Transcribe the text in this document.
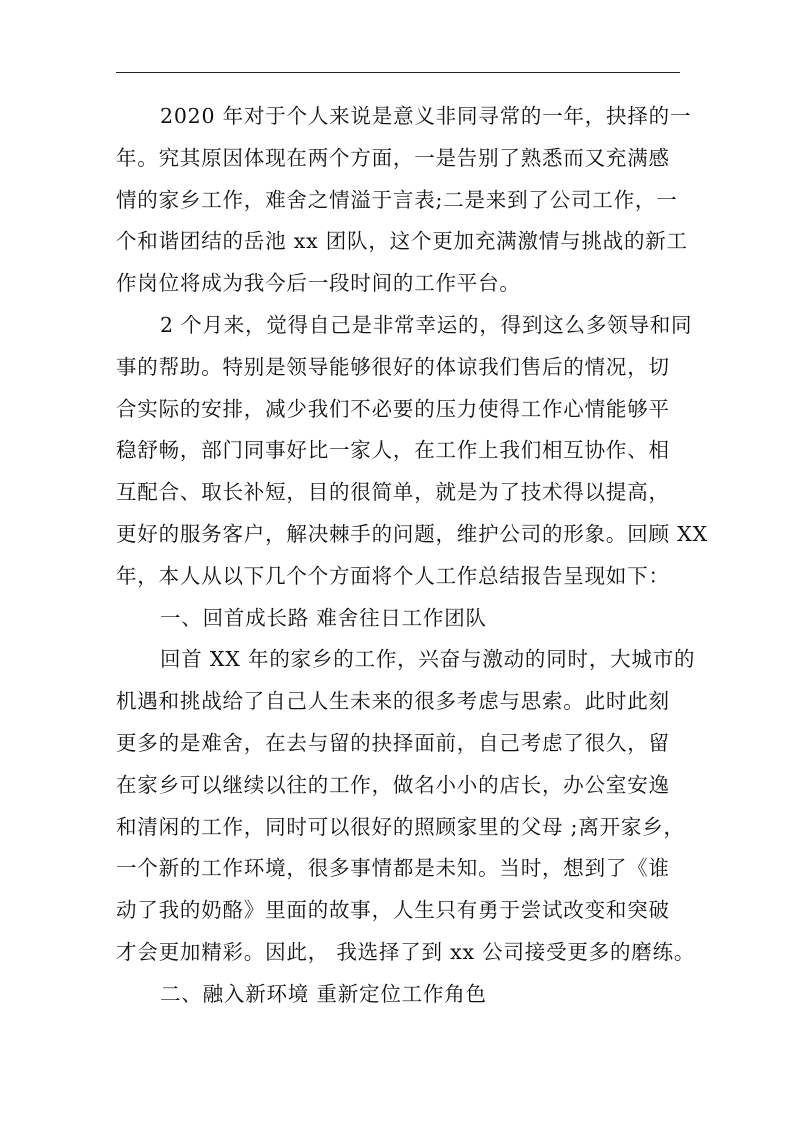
2020 年对于个人来说是意义非同寻常的一年，抉择的一
年。究其原因体现在两个方面，一是告别了熟悉而又充满感
情的家乡工作，难舍之情溢于言表;二是来到了公司工作，一
个和谐团结的岳池 xx 团队，这个更加充满激情与挑战的新工
作岗位将成为我今后一段时间的工作平台。
2 个月来，觉得自己是非常幸运的，得到这么多领导和同
事的帮助。特别是领导能够很好的体谅我们售后的情况，切
合实际的安排，减少我们不必要的压力使得工作心情能够平
稳舒畅，部门同事好比一家人，在工作上我们相互协作、相
互配合、取长补短，目的很简单，就是为了技术得以提高，
更好的服务客户，解决棘手的问题，维护公司的形象。回顾 XX
年，本人从以下几个个方面将个人工作总结报告呈现如下：
一、回首成长路 难舍往日工作团队
回首 XX 年的家乡的工作，兴奋与激动的同时，大城市的
机遇和挑战给了自己人生未来的很多考虑与思索。此时此刻
更多的是难舍，在去与留的抉择面前，自己考虑了很久，留
在家乡可以继续以往的工作，做名小小的店长，办公室安逸
和清闲的工作，同时可以很好的照顾家里的父母 ;离开家乡，
一个新的工作环境，很多事情都是未知。当时，想到了《谁
动了我的奶酪》里面的故事，人生只有勇于尝试改变和突破
才会更加精彩。因此， 我选择了到 xx 公司接受更多的磨练。
二、融入新环境 重新定位工作角色
